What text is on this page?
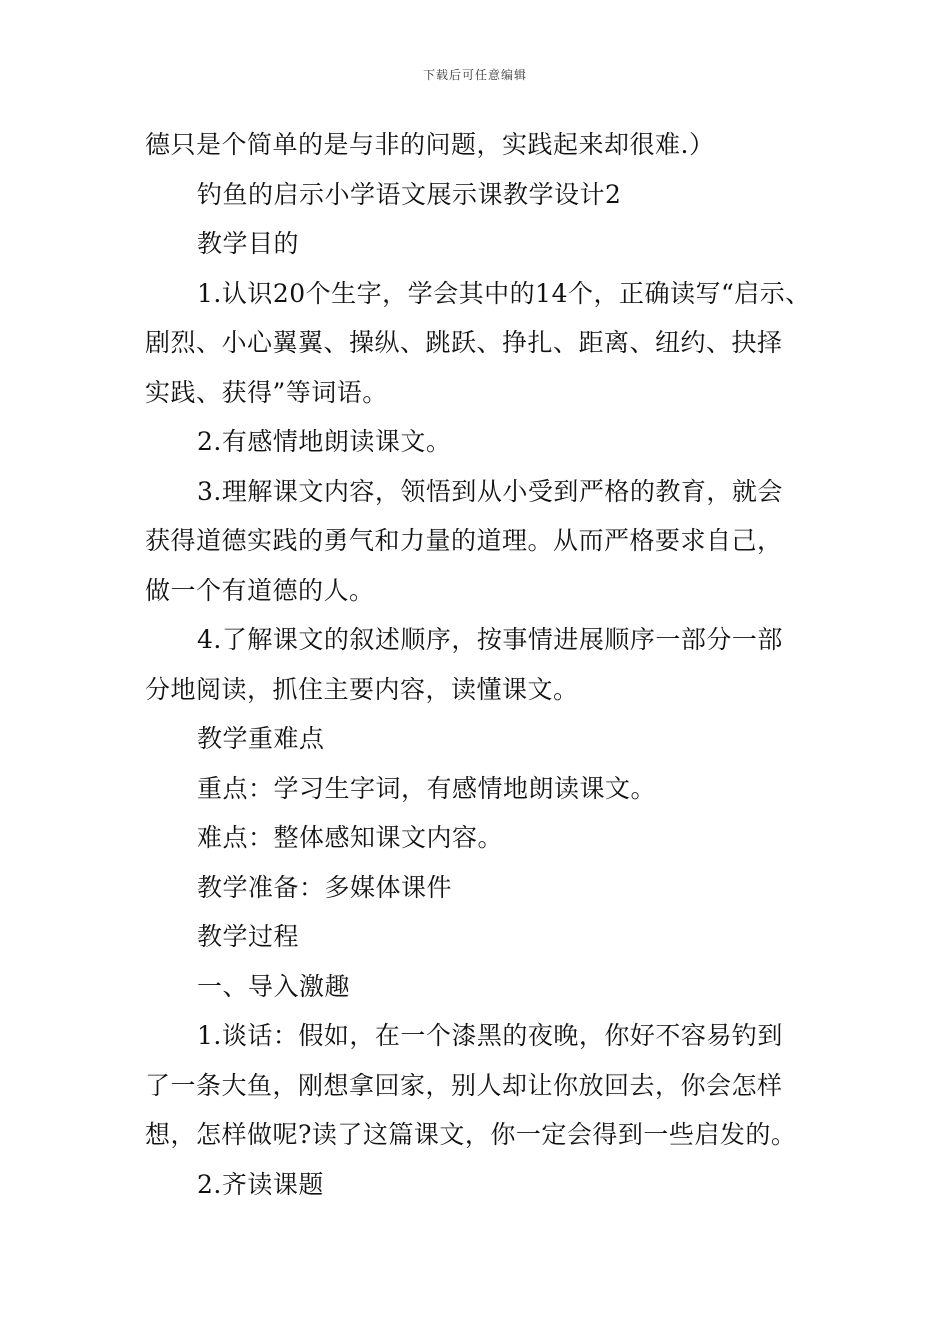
下载后可任意编辑
德只是个简单的是与非的问题，实践起来却很难.）
钓鱼的启示小学语文展示课教学设计2
教学目的
1.认识20个生字，学会其中的14个，正确读写“启示、
剧烈、小心翼翼、操纵、跳跃、挣扎、距离、纽约、抉择
实践、获得”等词语。
2.有感情地朗读课文。
3.理解课文内容，领悟到从小受到严格的教育，就会
获得道德实践的勇气和力量的道理。从而严格要求自己，
做一个有道德的人。
4.了解课文的叙述顺序，按事情进展顺序一部分一部
分地阅读，抓住主要内容，读懂课文。
教学重难点
重点：学习生字词，有感情地朗读课文。
难点：整体感知课文内容。
教学准备：多媒体课件
教学过程
一、导入激趣
1.谈话：假如，在一个漆黑的夜晚，你好不容易钓到
了一条大鱼，刚想拿回家，别人却让你放回去，你会怎样
想，怎样做呢?读了这篇课文，你一定会得到一些启发的。
2.齐读课题
